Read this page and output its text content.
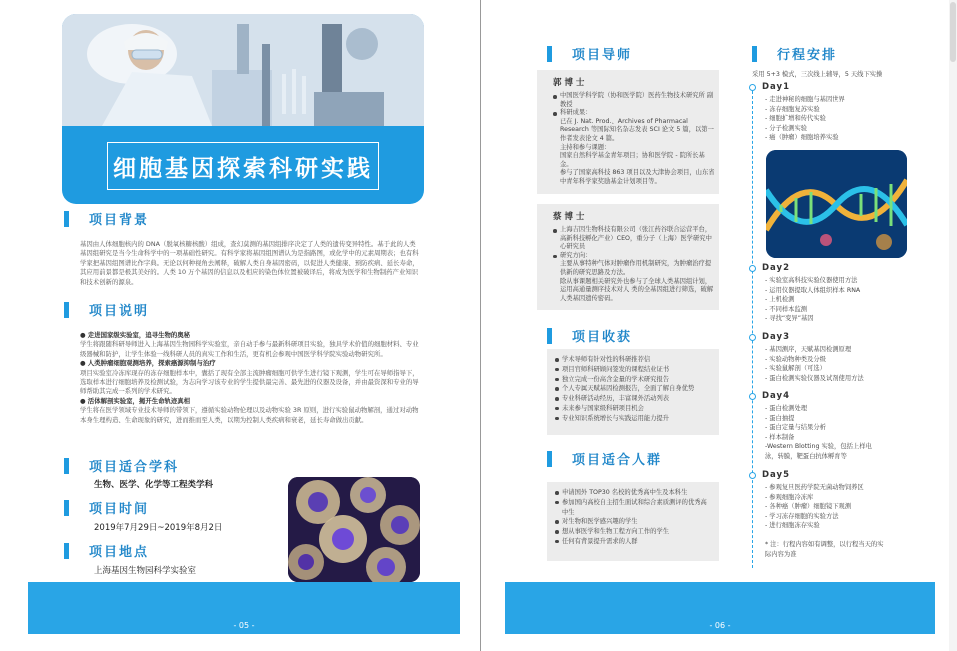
细胞基因探索科研实践
项目背景
基因由人体细胞核内的 DNA（脱氧核糖核酸）组成，查幻莫测的基因组排序决定了人类的遗传变异特性。基于此的人类基因组研究是当今生命科学中的一项基础性研究。有科学家将基因组图谱认为是指路图，或化学中的元素周期表；也有科学家把基因组图谱比作字典。无论以何种视角去阐释，破解人类自身基因密码，以促进人类健康、预防疾病、延长寿命，其应用前景都是极其美好的。人类 10 万个基因的信息以及相应的染色体位置被破译后，将成为医学和生物制药产业知识和技术创新的源泉。
项目说明
● 走进国家级实验室，追寻生物的奥秘
学生将跟随科研导师进入上海基因生物园科学实验室，亲自动手参与最新科研项目实验，独具学术价值的细胞材料、专业级器械和防护，让学生体验一线科研人员的真实工作和生活，更有机会参观中国医学科学院实验动物研究所。
● 人类肿瘤细胞观测培养，探索癌源抑制与治疗
项目实验室冷冻库现存的冻存细胞样本中，囊括了现有全部主流肿瘤细胞可供学生进行镜下观测，学生可在导师指导下，选取样本进行细胞培养及检测试验，为志向学习该专业的学生提供最完善、最先进的仪器及设备，并由最资深和专业的导师帮助其完成一系列的学术研究。
● 活体解剖实验室，揭开生命轨迹真相
学生将在医学领域专业技术导师的带领下，遵循实验动物伦理以及动物实验 3R 原则，进行实验鼠动物解剖，通过对动物本身生理构造、生命现象的研究，进而推而至人类，以期为控制人类疾病和衰老，延长寿命做出贡献。
项目适合学科
生物、医学、化学等工程类学科
项目时间
2019年7月29日~2019年8月2日
项目地点
上海基因生物园科学实验室
- 05 -	- 06 -
项目导师
郭 博 士
中国医学科学院（协和医学院）医药生物技术研究所 副教授
科研成果：
已在 J. Nat. Prod.、Archives of Pharmacal Research 等国际知名杂志发表 SCI 论文 5 篇，以第一作者发表论文 4 篇。
主持和参与课题：
国家自然科学基金青年项目；协和医学院 - 院所长基金。
参与了国家高科技 863 项目以及大津协会项目，山东省中青年科学家奖励基金计划项目等。
蔡 博 士
上海吉因生物科技有限公司（张江药谷联合运营平台，高新科技孵化产业）CEO，重分子（上海）医学研究中心研究员
研究方向：
主要从事特种气体对肿瘤作用机制研究，为肿瘤治疗提供新的研究思路及方法。
除从事课题相关研究外也参与了全球人类基因组计划，运用高通量测序技术对人 类的全基因组进行筛选，破解人类基因遗传密码。
项目收获
学术导师有针对性的科研推荐信
项目官师科研顾问签发的课程结业证书
独立完成一份高含金量的学术研究报告
个人专属天赋基因检测报告，全面了解自身优势
专业科研活动经历，丰富课外活动列表
未来参与国家级科研项目机会
专业知识系统增长与实践运用能力提升
项目适合人群
申请国外 TOP30 名校的优秀高中生及本科生
参加国内高校自主招生面试和综合素质测评的优秀高中生
对生物和医学感兴趣的学生
想从事医学和生物工程方向工作的学生
任何有背景提升需求的人群
行程安排
采用 5+3 模式，三次线上辅导，5 天线下实操
Day1
- 走进神秘的细胞与基因世界
- 冻存细胞复苏实验
- 细胞扩增和传代实验
- 分子检测实验
- 癌（肿瘤）细胞培养实验
Day2
- 实验室高科技实验仪器使用方法
- 运用仪器提取人体组织样本 RNA
- 上机检测
- 不同样本监测
- 寻找“变异”基因
Day3
- 基因测序，天赋基因检测原理
- 实验动物种类及分级
- 实验鼠解剖（可选）
- 蛋白检测实验仪器及试剂使用方法
Day4
- 蛋白检测处理
- 蛋白抽提
- 蛋白定量与结果分析
- 样本制备
-Western Blotting 实验，包括上样电
泳，转膜，靶蛋白抗体孵育等
Day5
- 参观复旦医药学院无菌动物饲养区
- 参观细胞冷冻库
- 各种癌（肿瘤）细胞镜下观测
- 学习冻存细胞的实验方法
- 进行细胞冻存实验
* 注：行程内容如有调整，以行程当天的实际内容为准
